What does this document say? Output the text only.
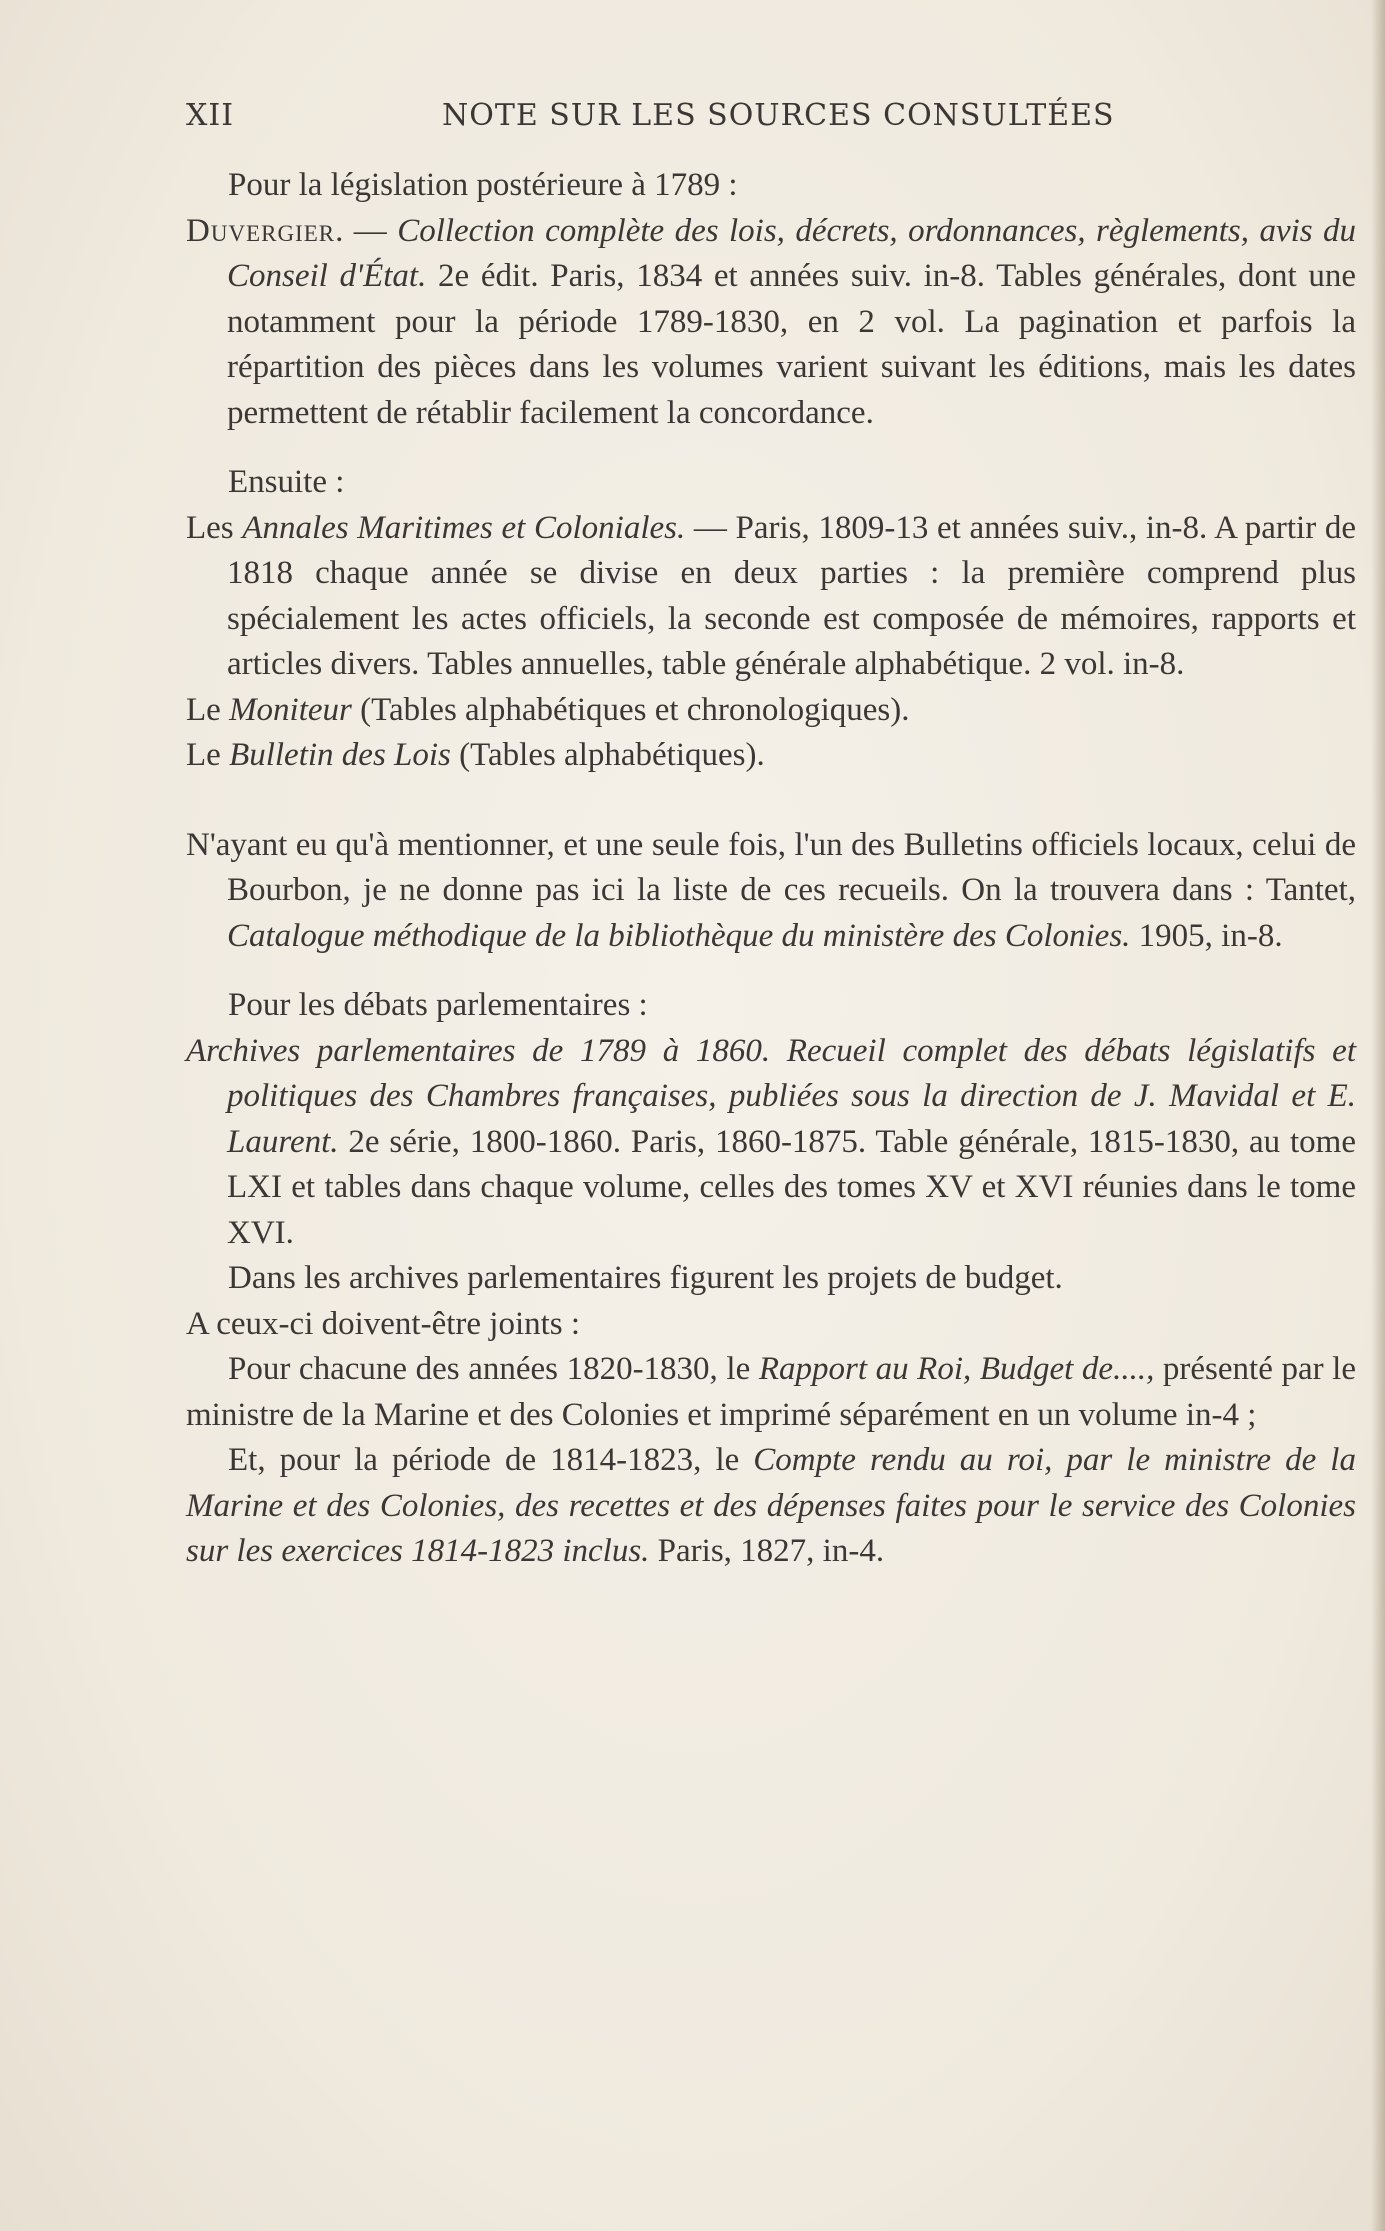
XII	NOTE SUR LES SOURCES CONSULTÉES

Pour la législation postérieure à 1789 :

Duvergier. — Collection complète des lois, décrets, ordonnances, règlements, avis du Conseil d'État. 2e édit. Paris, 1834 et années suiv. in-8. Tables générales, dont une notamment pour la période 1789-1830, en 2 vol. La pagination et parfois la répartition des pièces dans les volumes varient suivant les éditions, mais les dates permettent de rétablir facilement la concordance.

Ensuite :

Les Annales Maritimes et Coloniales. — Paris, 1809-13 et années suiv., in-8. A partir de 1818 chaque année se divise en deux parties : la première comprend plus spécialement les actes officiels, la seconde est composée de mémoires, rapports et articles divers. Tables annuelles, table générale alphabétique. 2 vol. in-8.

Le Moniteur (Tables alphabétiques et chronologiques).

Le Bulletin des Lois (Tables alphabétiques).

N'ayant eu qu'à mentionner, et une seule fois, l'un des Bulletins officiels locaux, celui de Bourbon, je ne donne pas ici la liste de ces recueils. On la trouvera dans : Tantet, Catalogue méthodique de la bibliothèque du ministère des Colonies. 1905, in-8.

Pour les débats parlementaires :

Archives parlementaires de 1789 à 1860. Recueil complet des débats législatifs et politiques des Chambres françaises, publiées sous la direction de J. Mavidal et E. Laurent. 2e série, 1800-1860. Paris, 1860-1875. Table générale, 1815-1830, au tome LXI et tables dans chaque volume, celles des tomes XV et XVI réunies dans le tome XVI.

Dans les archives parlementaires figurent les projets de budget.

A ceux-ci doivent-être joints :

Pour chacune des années 1820-1830, le Rapport au Roi, Budget de...., présenté par le ministre de la Marine et des Colonies et imprimé séparément en un volume in-4 ;

Et, pour la période de 1814-1823, le Compte rendu au roi, par le ministre de la Marine et des Colonies, des recettes et des dépenses faites pour le service des Colonies sur les exercices 1814-1823 inclus. Paris, 1827, in-4.
